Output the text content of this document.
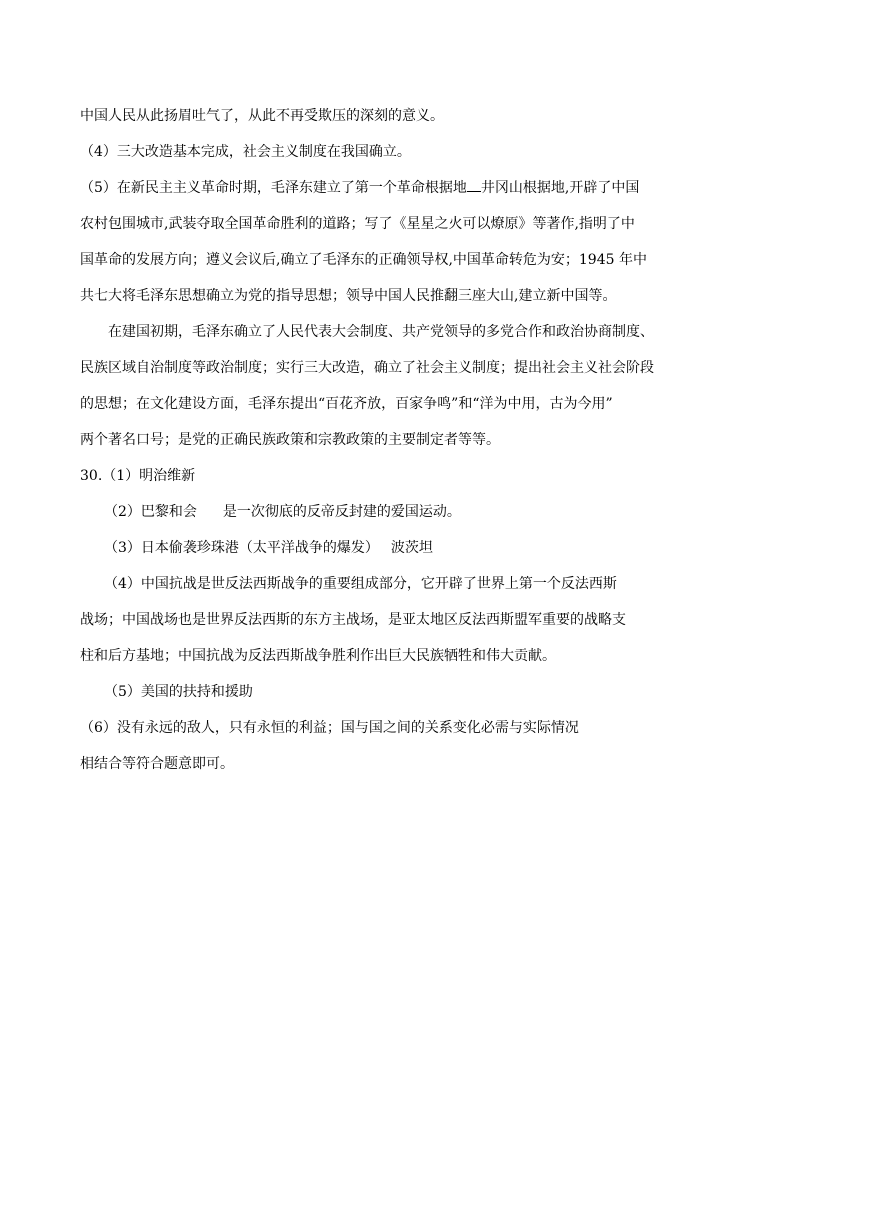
中国人民从此扬眉吐气了，从此不再受欺压的深刻的意义。
（4）三大改造基本完成，社会主义制度在我国确立。
（5）在新民主主义革命时期，毛泽东建立了第一个革命根据地 井冈山根据地,开辟了中国
农村包围城市,武装夺取全国革命胜利的道路；写了《星星之火可以燎原》等著作,指明了中
国革命的发展方向；遵义会议后,确立了毛泽东的正确领导权,中国革命转危为安；1945 年中
共七大将毛泽东思想确立为党的指导思想；领导中国人民推翻三座大山,建立新中国等。
在建国初期，毛泽东确立了人民代表大会制度、共产党领导的多党合作和政治协商制度、
民族区域自治制度等政治制度；实行三大改造，确立了社会主义制度；提出社会主义社会阶段
的思想；在文化建设方面，毛泽东提出“百花齐放，百家争鸣”和“洋为中用，古为今用”
两个著名口号；是党的正确民族政策和宗教政策的主要制定者等等。
30.（1）明治维新
（2）巴黎和会 是一次彻底的反帝反封建的爱国运动。
（3）日本偷袭珍珠港（太平洋战争的爆发） 波茨坦
（4）中国抗战是世反法西斯战争的重要组成部分，它开辟了世界上第一个反法西斯
战场；中国战场也是世界反法西斯的东方主战场，是亚太地区反法西斯盟军重要的战略支
柱和后方基地；中国抗战为反法西斯战争胜利作出巨大民族牺牲和伟大贡献。
（5）美国的扶持和援助
（6）没有永远的敌人，只有永恒的利益；国与国之间的关系变化必需与实际情况
相结合等符合题意即可。
